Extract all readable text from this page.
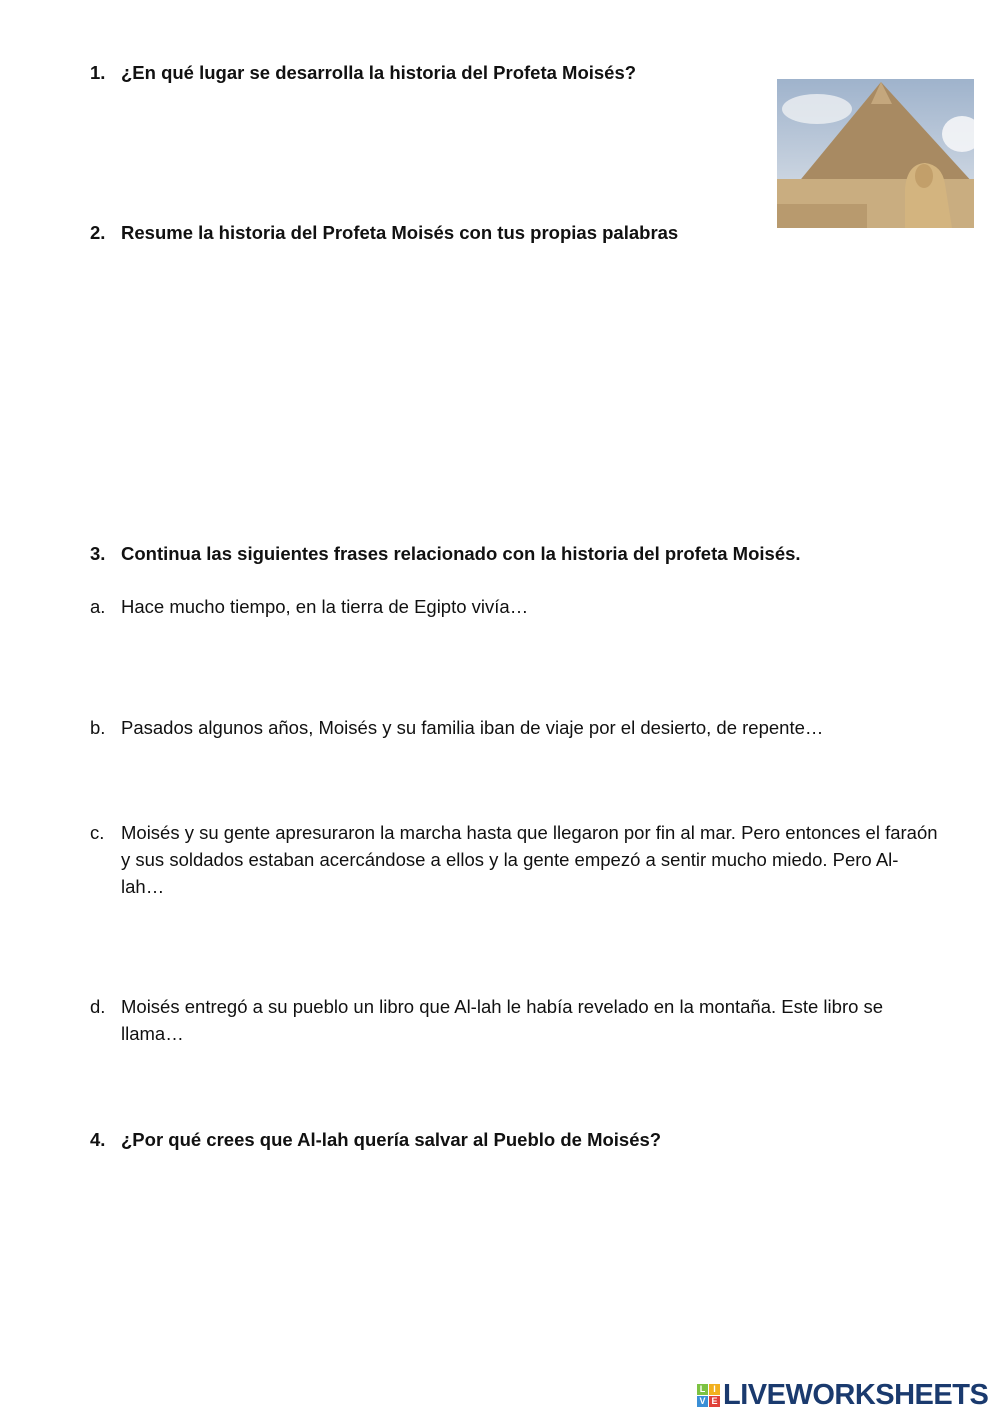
1. ¿En qué lugar se desarrolla la historia del Profeta Moisés?
2. Resume la historia del Profeta Moisés con tus propias palabras
3. Continua las siguientes frases relacionado con la historia del profeta Moisés.
a. Hace mucho tiempo, en la tierra de Egipto vivía…
b. Pasados algunos años, Moisés y su familia iban de viaje por el desierto, de repente…
c. Moisés y su gente apresuraron la marcha hasta que llegaron por fin al mar. Pero entonces el faraón y sus soldados estaban acercándose a ellos y la gente empezó a sentir mucho miedo. Pero Al-lah…
d. Moisés entregó a su pueblo un libro que Al-lah le había revelado en la montaña. Este libro se llama…
4. ¿Por qué crees que Al-lah quería salvar al Pueblo de Moisés?
L I
V E LIVEWORKSHEETS
